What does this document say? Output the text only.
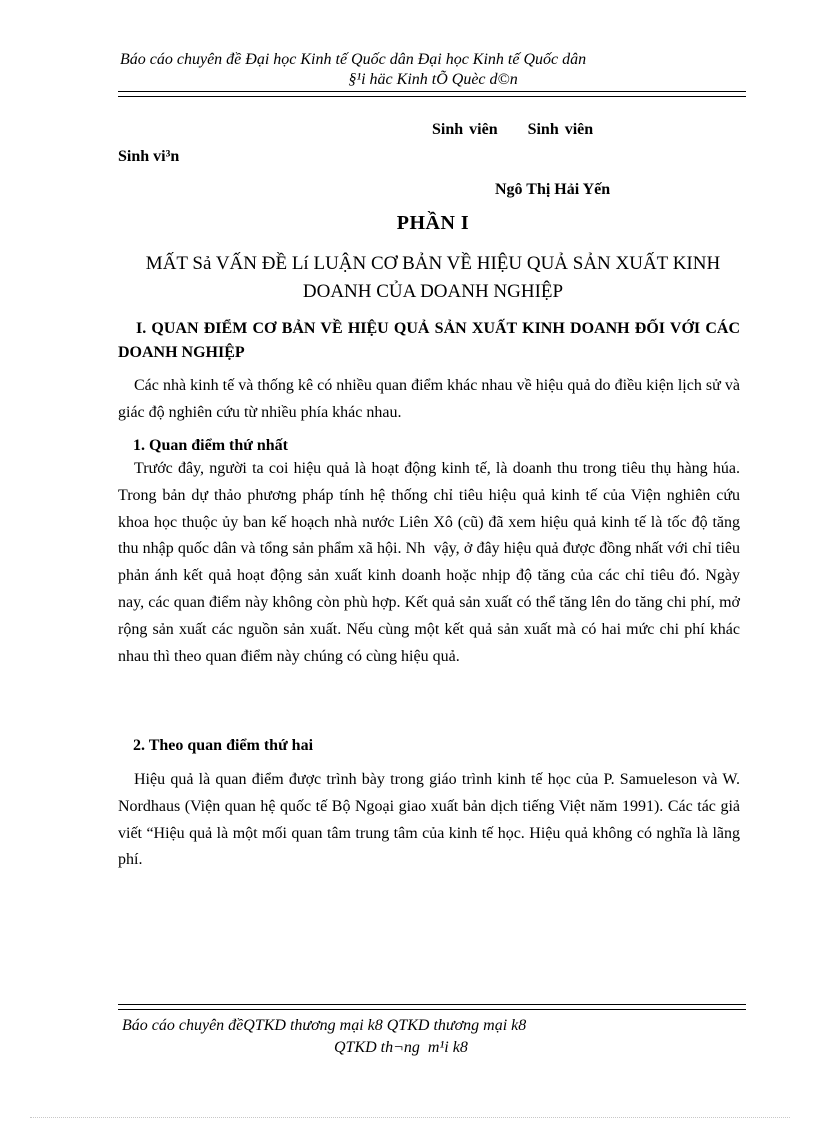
Báo cáo chuyên đề Đại học Kinh tế Quốc dân Đại học Kinh tế Quốc dân
§¹i häc Kinh tÕ Quèc d©n
Sinh viên     Sinh viên
Sinh vi³n
Ngô Thị Hải Yến
PHẦN I
MẤT Sả VẤN ĐỀ Lí LUẬN CƠ BẢN VỀ HIỆU QUẢ SẢN XUẤT KINH DOANH CỦA DOANH NGHIỆP
I. QUAN ĐIỂM CƠ BẢN VỀ HIỆU QUẢ SẢN XUẤT KINH DOANH ĐỐI VỚI CÁC DOANH NGHIỆP
Các nhà kinh tế và thống kê có nhiều quan điểm khác nhau về hiệu quả do điều kiện lịch sử và giác độ nghiên cứu từ nhiều phía khác nhau.
1. Quan điểm thứ nhất
Trước đây, người ta coi hiệu quả là hoạt động kinh tế, là doanh thu trong tiêu thụ hàng húa. Trong bản dự thảo phương pháp tính hệ thống chỉ tiêu hiệu quả kinh tế của Viện nghiên cứu khoa học thuộc ủy ban kế hoạch nhà nước Liên Xô (cũ) đã xem hiệu quả kinh tế là tốc độ tăng thu nhập quốc dân và tổng sản phẩm xã hội. Nh  vậy, ở đây hiệu quả được đồng nhất với chỉ tiêu phản ánh kết quả hoạt động sản xuất kinh doanh hoặc nhịp độ tăng của các chỉ tiêu đó. Ngày nay, các quan điểm này không còn phù hợp. Kết quả sản xuất có thể tăng lên do tăng chi phí, mở rộng sản xuất các nguồn sản xuất. Nếu cùng một kết quả sản xuất mà có hai mức chi phí khác nhau thì theo quan điểm này chúng có cùng hiệu quả.
2. Theo quan điểm thứ hai
Hiệu quả là quan điểm được trình bày trong giáo trình kinh tế học của P. Samueleson và W. Nordhaus (Viện quan hệ quốc tế Bộ Ngoại giao xuất bản dịch tiếng Việt năm 1991). Các tác giả viết “Hiệu quả là một mối quan tâm trung tâm của kinh tế học. Hiệu quả không có nghĩa là lãng phí.
Báo cáo chuyên đềQTKD thương mại k8 QTKD thương mại k8
QTKD th¬ng  m¹i k8
